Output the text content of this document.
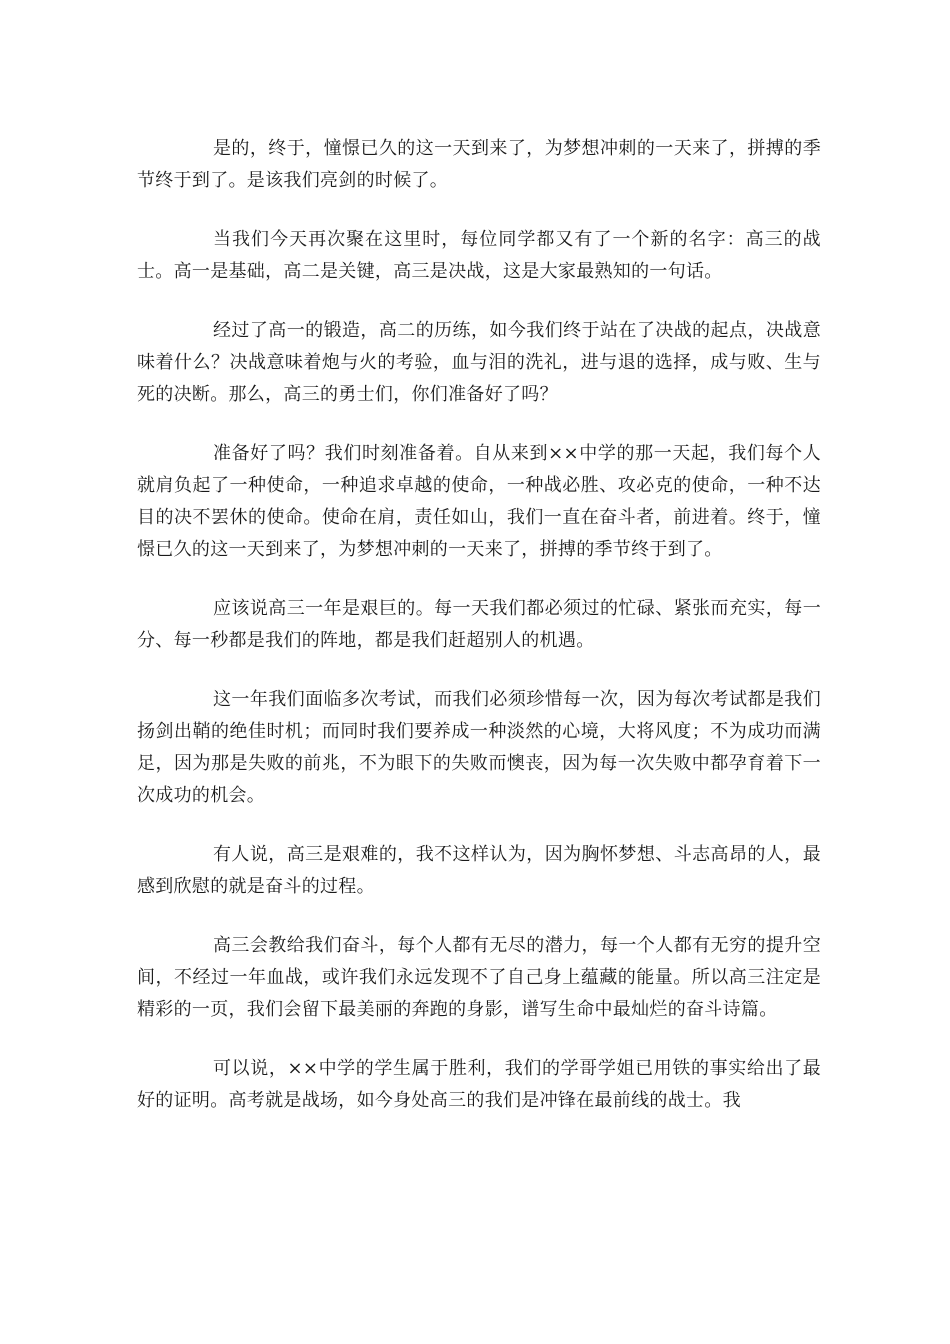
是的，终于，憧憬已久的这一天到来了，为梦想冲刺的一天来了，拼搏的季节终于到了。是该我们亮剑的时候了。

当我们今天再次聚在这里时，每位同学都又有了一个新的名字：高三的战士。高一是基础，高二是关键，高三是决战，这是大家最熟知的一句话。

经过了高一的锻造，高二的历练，如今我们终于站在了决战的起点，决战意味着什么？决战意味着炮与火的考验，血与泪的洗礼，进与退的选择，成与败、生与死的决断。那么，高三的勇士们，你们准备好了吗？

准备好了吗？我们时刻准备着。自从来到××中学的那一天起，我们每个人就肩负起了一种使命，一种追求卓越的使命，一种战必胜、攻必克的使命，一种不达目的决不罢休的使命。使命在肩，责任如山，我们一直在奋斗者，前进着。终于，憧憬已久的这一天到来了，为梦想冲刺的一天来了，拼搏的季节终于到了。

应该说高三一年是艰巨的。每一天我们都必须过的忙碌、紧张而充实，每一分、每一秒都是我们的阵地，都是我们赶超别人的机遇。

这一年我们面临多次考试，而我们必须珍惜每一次，因为每次考试都是我们扬剑出鞘的绝佳时机；而同时我们要养成一种淡然的心境，大将风度；不为成功而满足，因为那是失败的前兆，不为眼下的失败而懊丧，因为每一次失败中都孕育着下一次成功的机会。

有人说，高三是艰难的，我不这样认为，因为胸怀梦想、斗志高昂的人，最感到欣慰的就是奋斗的过程。

高三会教给我们奋斗，每个人都有无尽的潜力，每一个人都有无穷的提升空间，不经过一年血战，或许我们永远发现不了自己身上蕴藏的能量。所以高三注定是精彩的一页，我们会留下最美丽的奔跑的身影，谱写生命中最灿烂的奋斗诗篇。

可以说，××中学的学生属于胜利，我们的学哥学姐已用铁的事实给出了最好的证明。高考就是战场，如今身处高三的我们是冲锋在最前线的战士。我
